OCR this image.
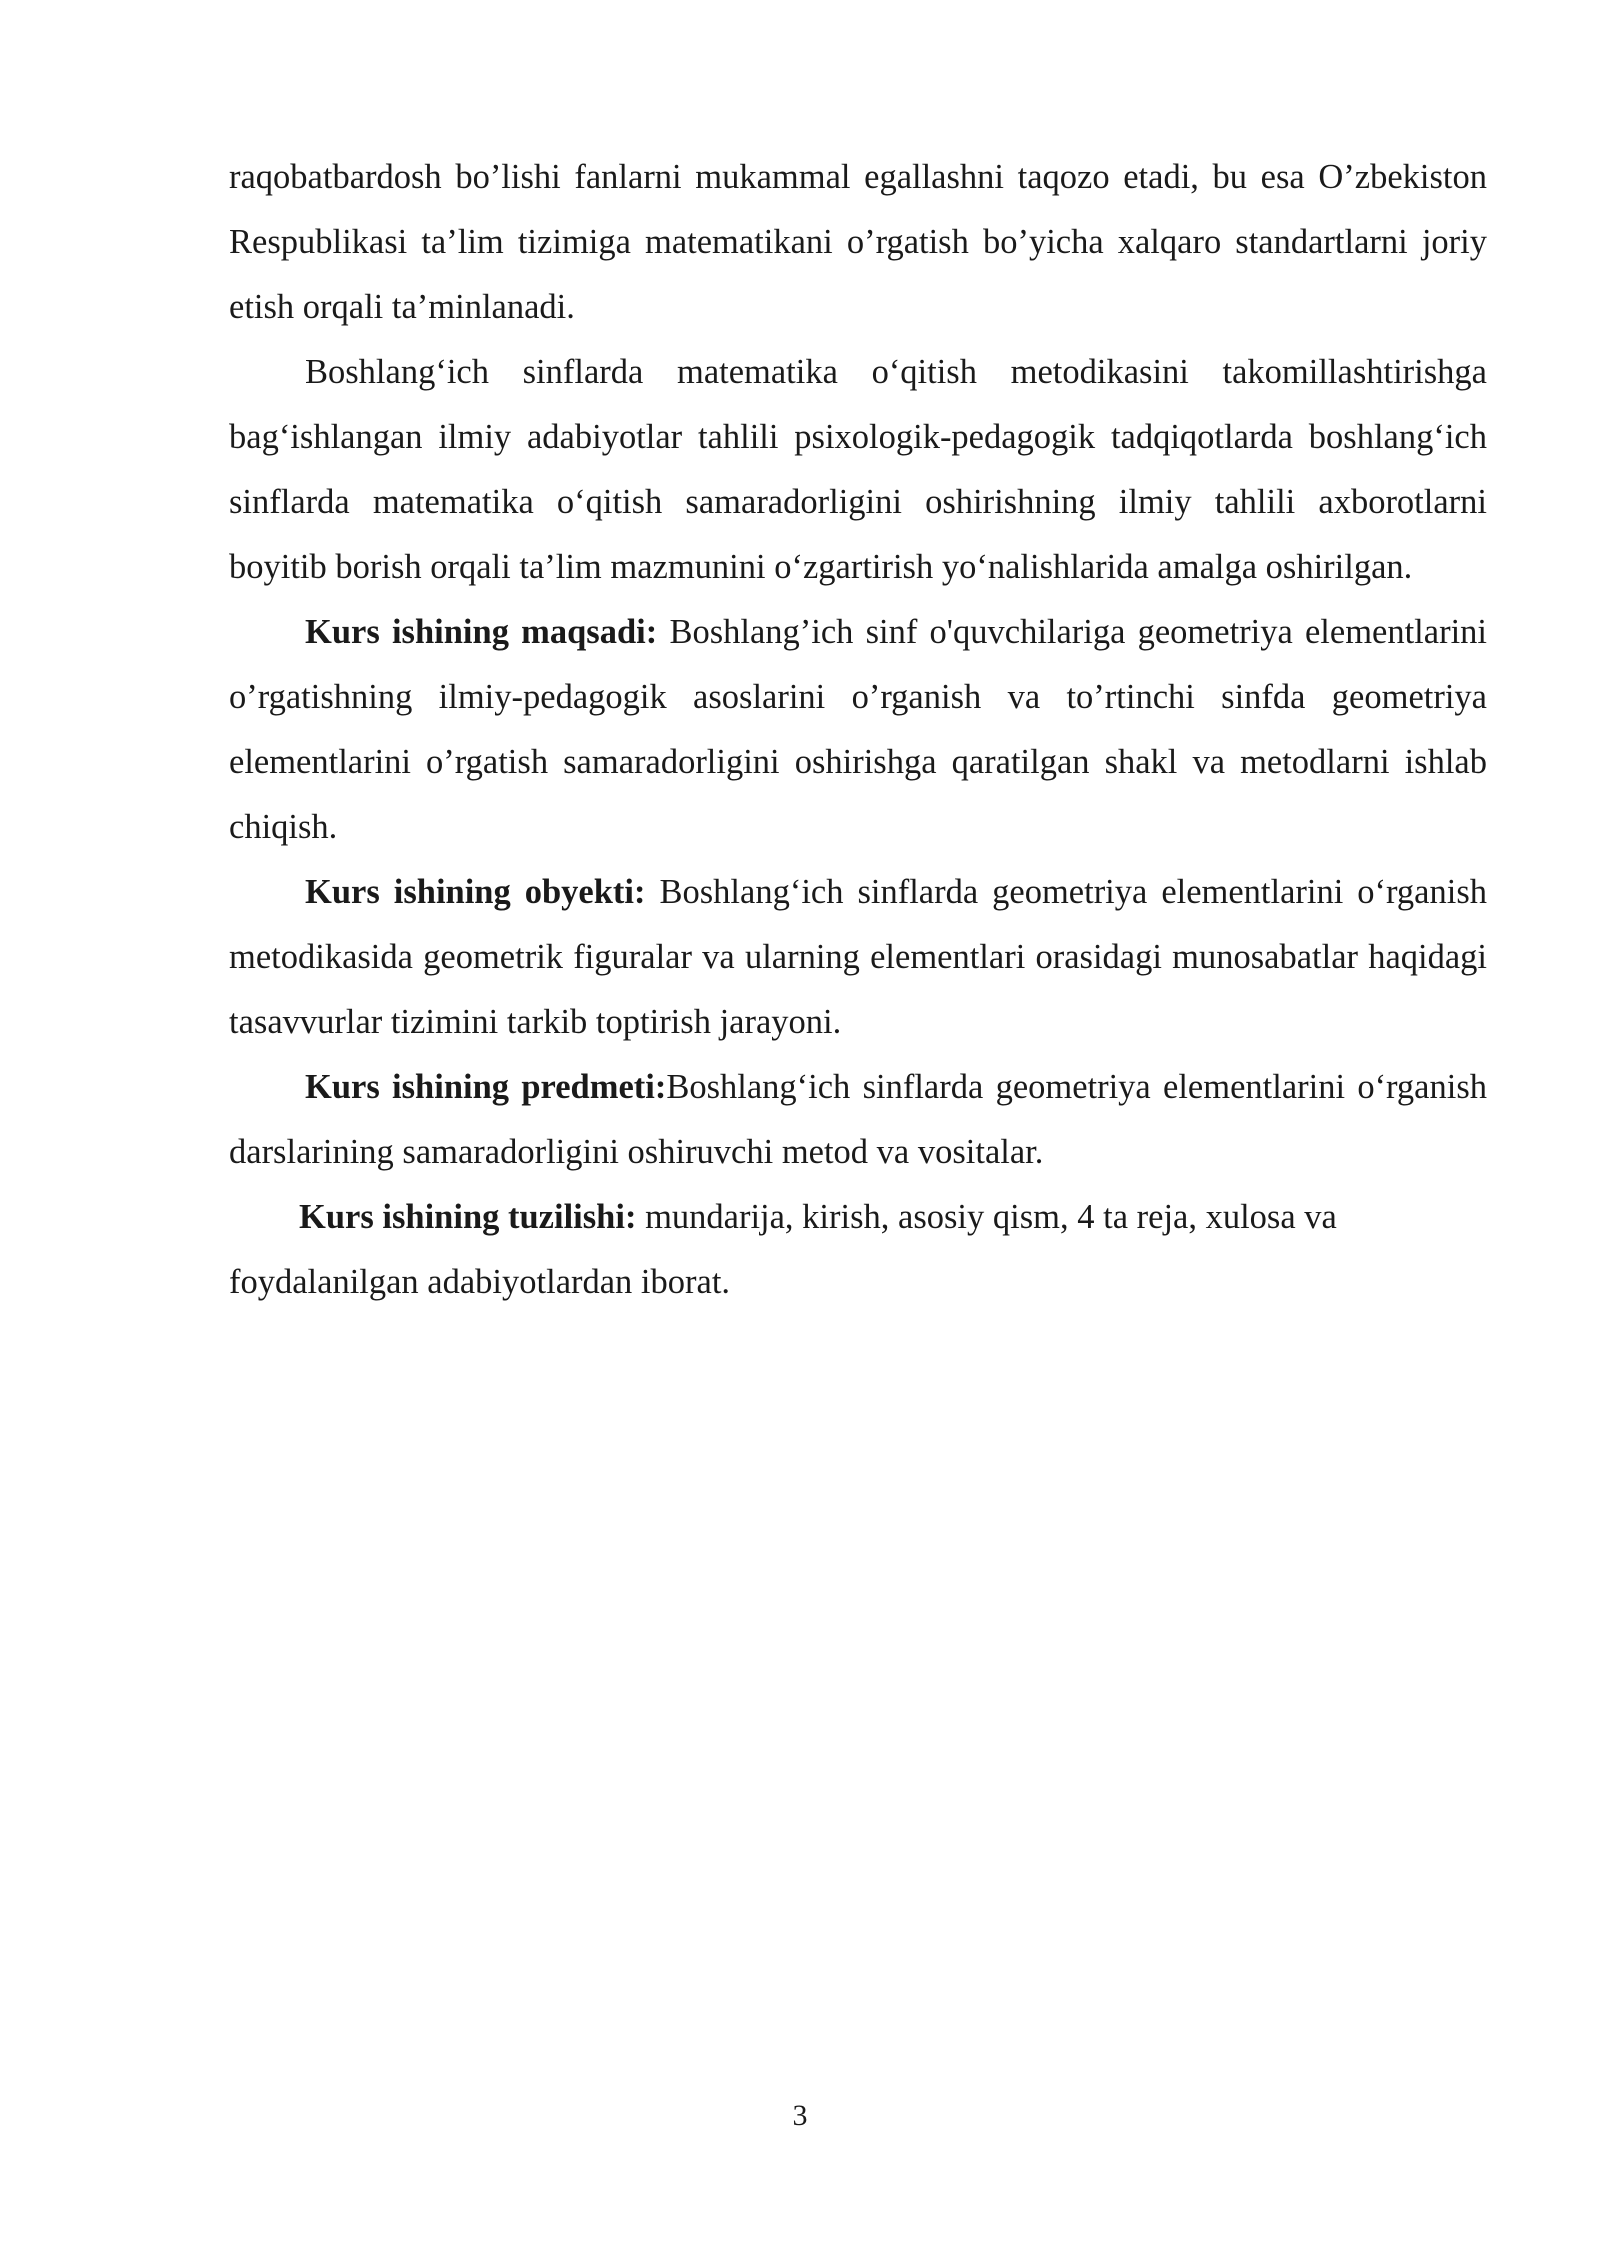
raqobatbardosh bo’lishi fanlarni mukammal egallashni taqozo etadi, bu esa O’zbekiston Respublikasi ta’lim tizimiga matematikani o’rgatish bo’yicha xalqaro standartlarni joriy etish orqali ta’minlanadi.

Boshlang‘ich sinflarda matematika o‘qitish metodikasini takomillashtirishga bag‘ishlangan ilmiy adabiyotlar tahlili psixologik-pedagogik tadqiqotlarda boshlang‘ich sinflarda matematika o‘qitish samaradorligini oshirishning ilmiy tahlili axborotlarni boyitib borish orqali ta’lim mazmunini o‘zgartirish yo‘nalishlarida amalga oshirilgan.

Kurs ishining maqsadi: Boshlang’ich sinf o'quvchilariga geometriya elementlarini o’rgatishning ilmiy-pedagogik asoslarini o’rganish va to’rtinchi sinfda geometriya elementlarini o’rgatish samaradorligini oshirishga qaratilgan shakl va metodlarni ishlab chiqish.

Kurs ishining obyekti: Boshlang‘ich sinflarda geometriya elementlarini o‘rganish metodikasida geometrik figuralar va ularning elementlari orasidagi munosabatlar haqidagi tasavvurlar tizimini tarkib toptirish jarayoni.

Kurs ishining predmeti:Boshlang‘ich sinflarda geometriya elementlarini o‘rganish darslarining samaradorligini oshiruvchi metod va vositalar.

Kurs ishining tuzilishi: mundarija, kirish, asosiy qism, 4 ta reja, xulosa va foydalanilgan adabiyotlardan iborat.

3
